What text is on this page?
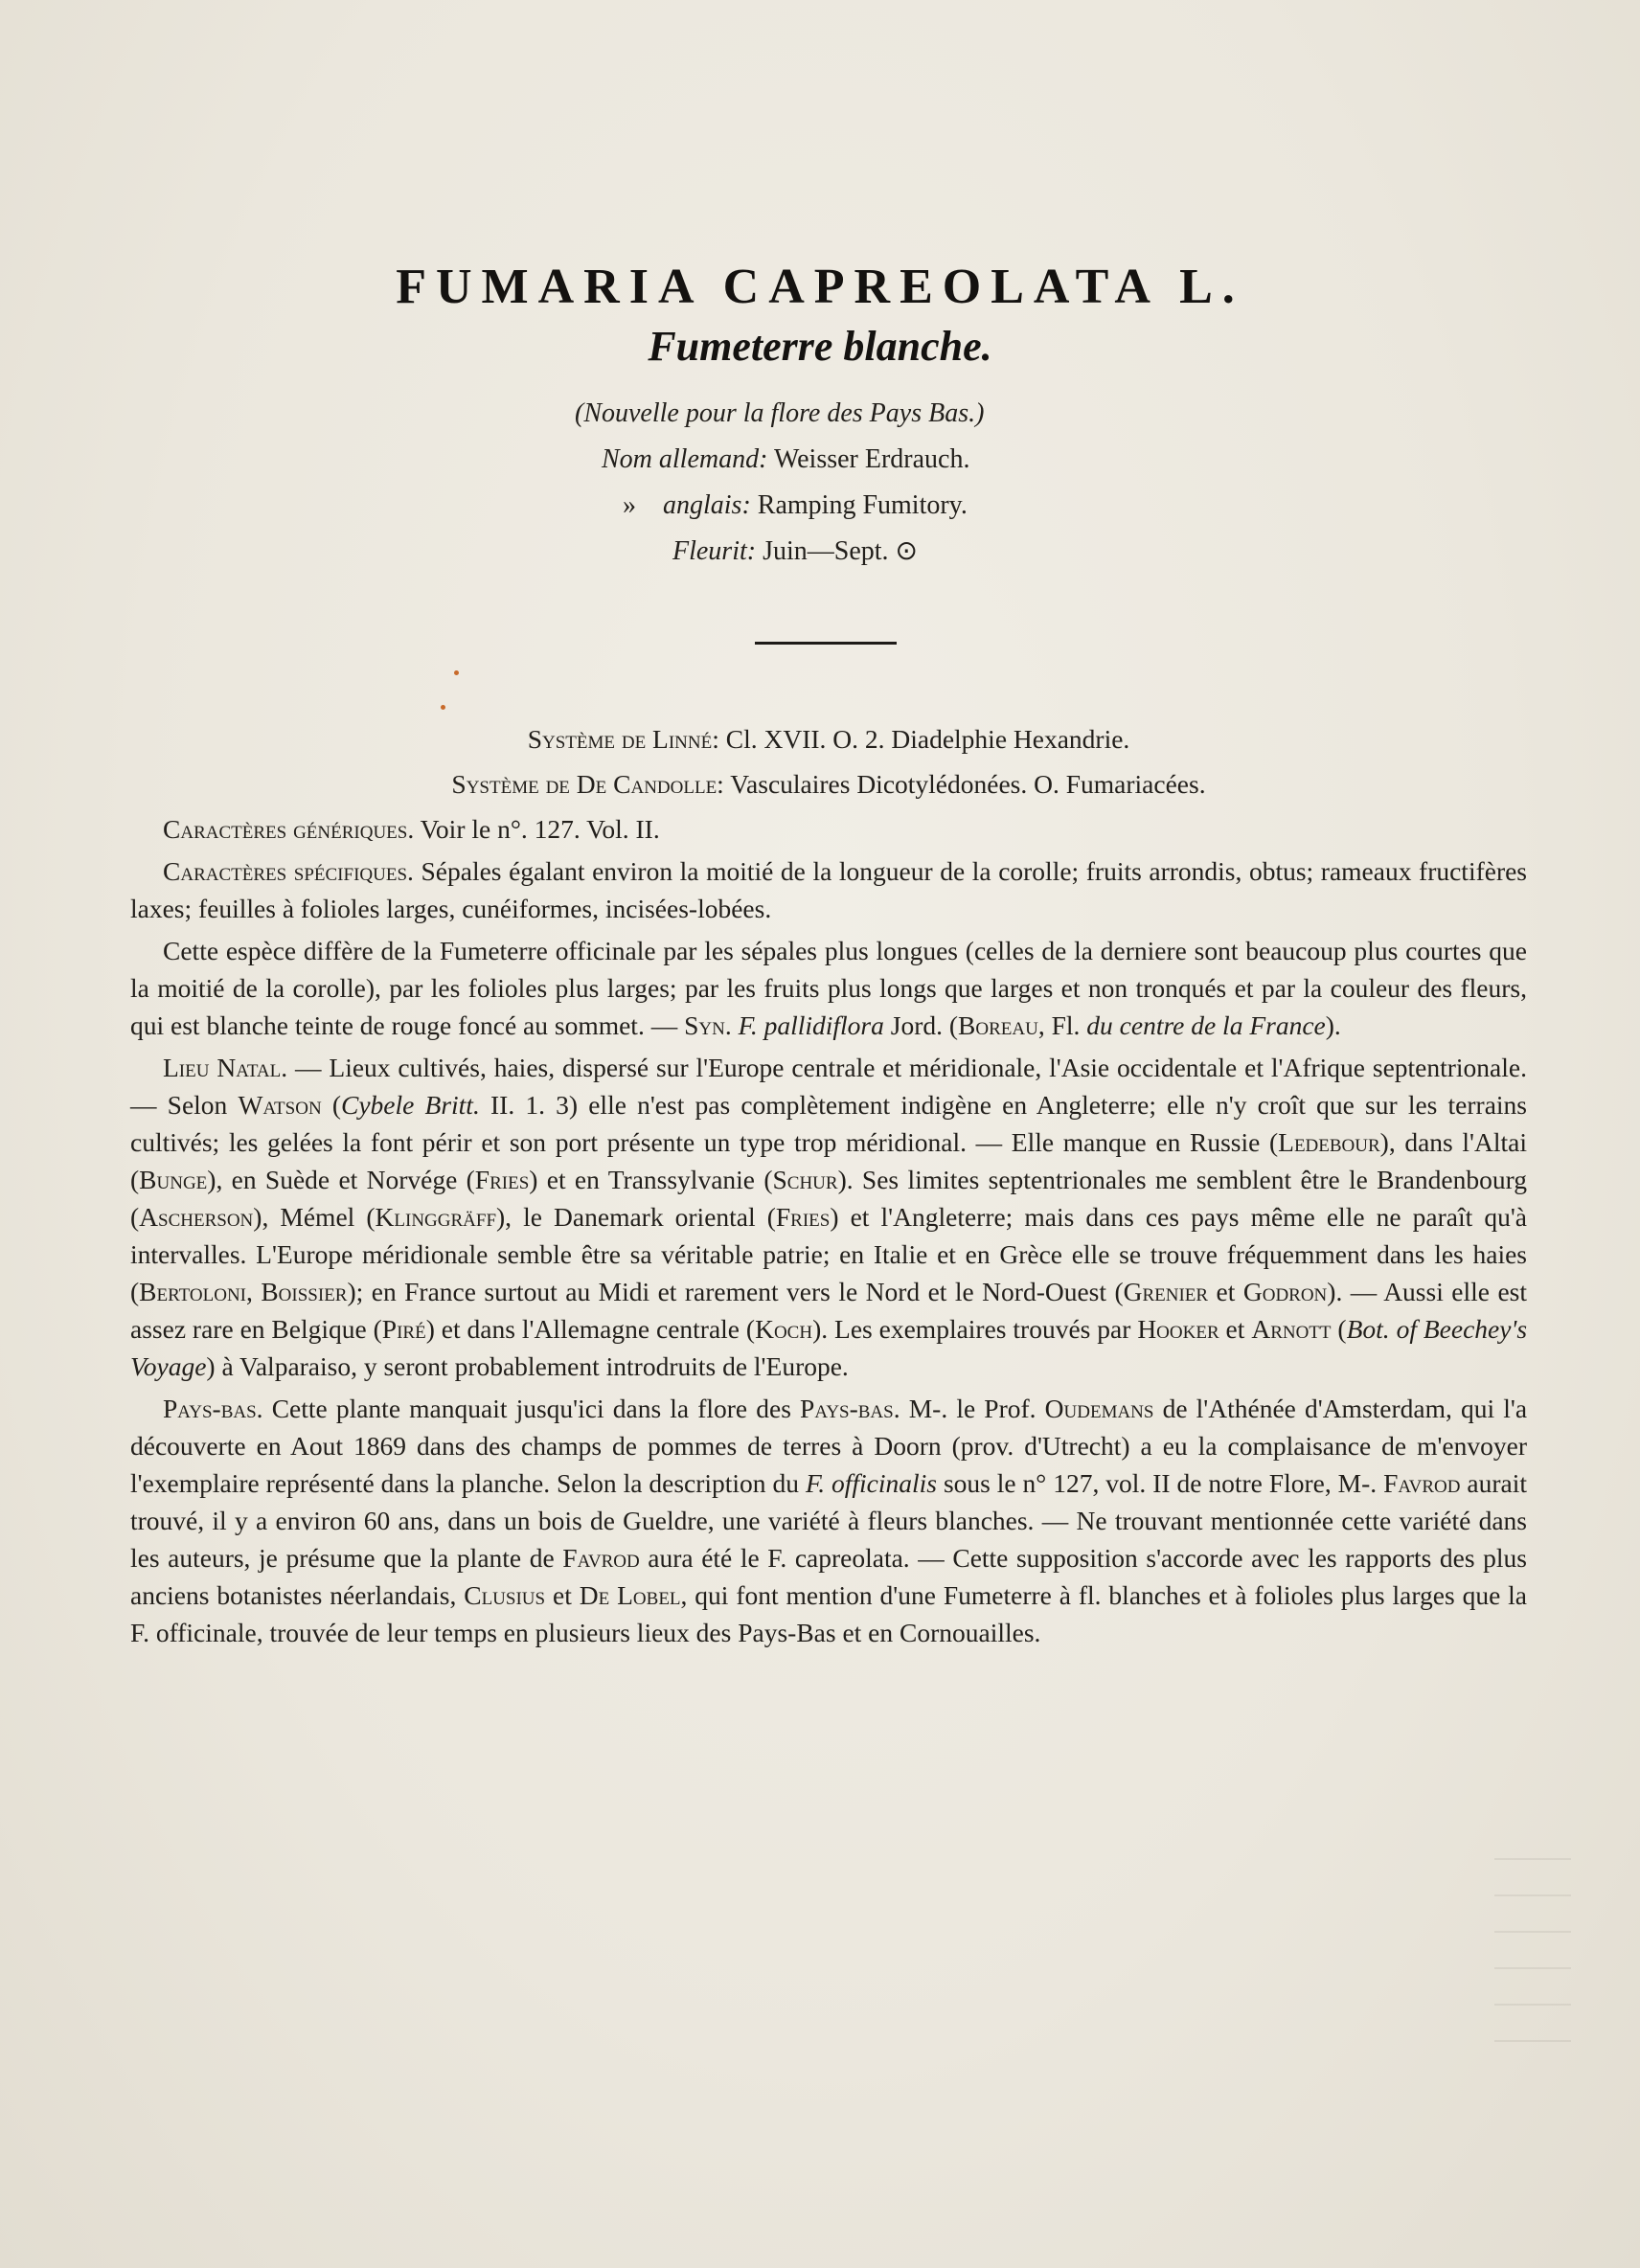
FUMARIA CAPREOLATA L.
Fumeterre blanche.
(Nouvelle pour la flore des Pays Bas.)
Nom allemand: Weisser Erdrauch.
» anglais: Ramping Fumitory.
Fleurit: Juin—Sept. ⊙

Système de Linné: Cl. XVII. O. 2. Diadelphie Hexandrie.

Système de De Candolle: Vasculaires Dicotylédonées. O. Fumariacées.

Caractères génériques. Voir le n°. 127. Vol. II.

Caractères spécifiques. Sépales égalant environ la moitié de la longueur de la corolle; fruits arrondis, obtus; rameaux fructifères laxes; feuilles à folioles larges, cunéiformes, incisées-lobées.

Cette espèce diffère de la Fumeterre officinale par les sépales plus longues (celles de la derniere sont beaucoup plus courtes que la moitié de la corolle), par les folioles plus larges; par les fruits plus longs que larges et non tronqués et par la couleur des fleurs, qui est blanche teinte de rouge foncé au sommet. — Syn. F. pallidiflora Jord. (Boreau, Fl. du centre de la France).

Lieu Natal. — Lieux cultivés, haies, dispersé sur l'Europe centrale et méridionale, l'Asie occidentale et l'Afrique septentrionale. — Selon Watson (Cybele Britt. II. 1. 3) elle n'est pas complètement indigène en Angleterre; elle n'y croît que sur les terrains cultivés; les gelées la font périr et son port présente un type trop méridional. — Elle manque en Russie (Ledebour), dans l'Altai (Bunge), en Suède et Norvége (Fries) et en Transsylvanie (Schur). Ses limites septentrionales me semblent être le Brandenbourg (Ascherson), Mémel (Klinggräff), le Danemark oriental (Fries) et l'Angleterre; mais dans ces pays même elle ne paraît qu'à intervalles. L'Europe méridionale semble être sa véritable patrie; en Italie et en Grèce elle se trouve fréquemment dans les haies (Bertoloni, Boissier); en France surtout au Midi et rarement vers le Nord et le Nord-Ouest (Grenier et Godron). — Aussi elle est assez rare en Belgique (Piré) et dans l'Allemagne centrale (Koch). Les exemplaires trouvés par Hooker et Arnott (Bot. of Beechey's Voyage) à Valparaiso, y seront probablement introdruits de l'Europe.

Pays-bas. Cette plante manquait jusqu'ici dans la flore des Pays-bas. M-. le Prof. Oudemans de l'Athénée d'Amsterdam, qui l'a découverte en Aout 1869 dans des champs de pommes de terres à Doorn (prov. d'Utrecht) a eu la complaisance de m'envoyer l'exemplaire représenté dans la planche. Selon la description du F. officinalis sous le n° 127, vol. II de notre Flore, M-. Favrod aurait trouvé, il y a environ 60 ans, dans un bois de Gueldre, une variété à fleurs blanches. — Ne trouvant mentionnée cette variété dans les auteurs, je présume que la plante de Favrod aura été le F. capreolata. — Cette supposition s'accorde avec les rapports des plus anciens botanistes néerlandais, Clusius et De Lobel, qui font mention d'une Fumeterre à fl. blanches et à folioles plus larges que la F. officinale, trouvée de leur temps en plusieurs lieux des Pays-Bas et en Cornouailles.
